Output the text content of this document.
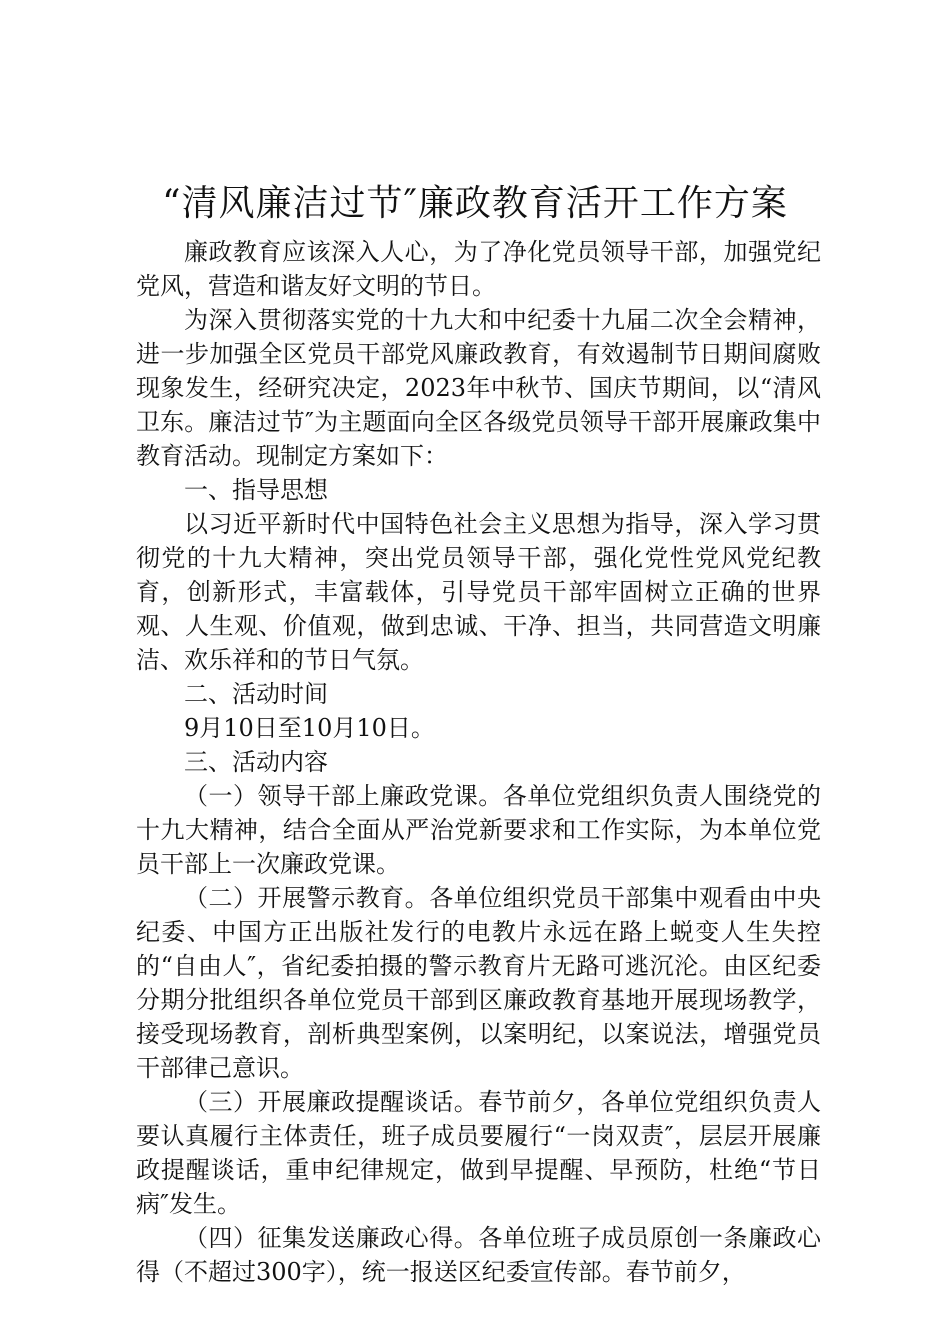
“清风廉洁过节″廉政教育活开工作方案

廉政教育应该深入人心，为了净化党员领导干部，加强党纪党风，营造和谐友好文明的节日。

为深入贯彻落实党的十九大和中纪委十九届二次全会精神，进一步加强全区党员干部党风廉政教育，有效遏制节日期间腐败现象发生，经研究决定，2023年中秋节、国庆节期间，以“清风卫东。廉洁过节″为主题面向全区各级党员领导干部开展廉政集中教育活动。现制定方案如下：

一、指导思想

以习近平新时代中国特色社会主义思想为指导，深入学习贯彻党的十九大精神，突出党员领导干部，强化党性党风党纪教育，创新形式，丰富载体，引导党员干部牢固树立正确的世界观、人生观、价值观，做到忠诚、干净、担当，共同营造文明廉洁、欢乐祥和的节日气氛。

二、活动时间

9月10日至10月10日。

三、活动内容

（一）领导干部上廉政党课。各单位党组织负责人围绕党的十九大精神，结合全面从严治党新要求和工作实际，为本单位党员干部上一次廉政党课。

（二）开展警示教育。各单位组织党员干部集中观看由中央纪委、中国方正出版社发行的电教片永远在路上蜕变人生失控的“自由人″，省纪委拍摄的警示教育片无路可逃沉沦。由区纪委分期分批组织各单位党员干部到区廉政教育基地开展现场教学，接受现场教育，剖析典型案例，以案明纪，以案说法，增强党员干部律己意识。

（三）开展廉政提醒谈话。春节前夕，各单位党组织负责人要认真履行主体责任，班子成员要履行“一岗双责″，层层开展廉政提醒谈话，重申纪律规定，做到早提醒、早预防，杜绝“节日病″发生。

（四）征集发送廉政心得。各单位班子成员原创一条廉政心得（不超过300字），统一报送区纪委宣传部。春节前夕，
